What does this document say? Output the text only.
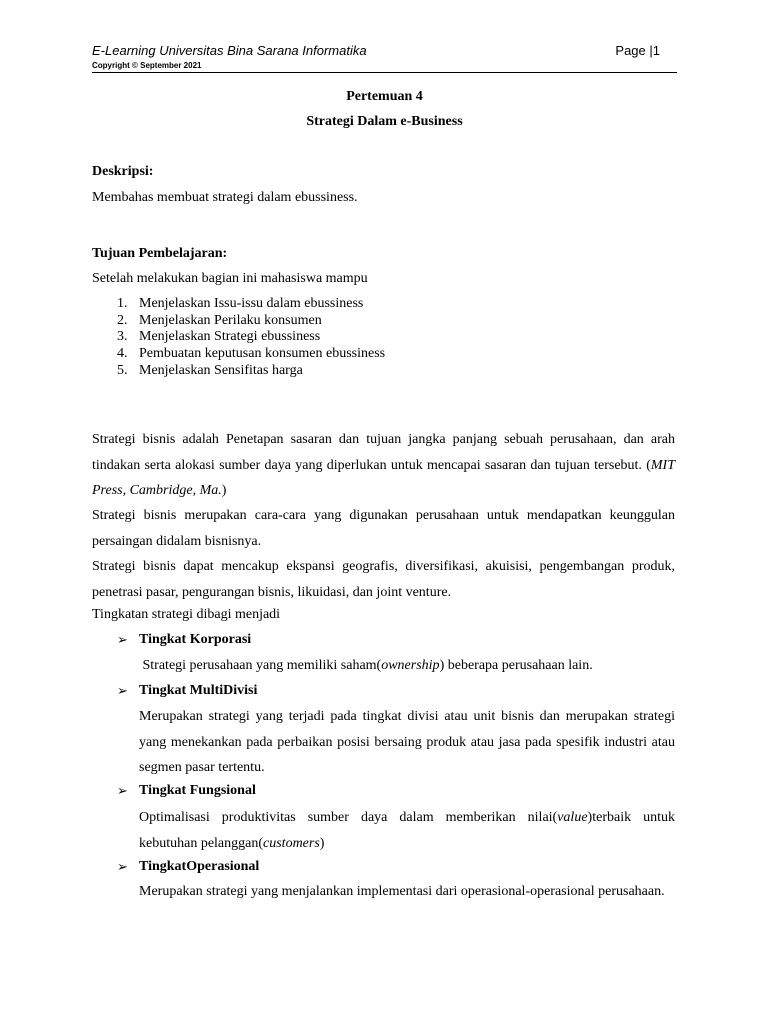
E-Learning Universitas Bina Sarana Informatika	Page |1
Copyright © September 2021
Pertemuan 4
Strategi Dalam e-Business
Deskripsi:
Membahas membuat strategi dalam ebussiness.
Tujuan Pembelajaran:
Setelah melakukan bagian ini mahasiswa mampu
1. Menjelaskan Issu-issu dalam ebussiness
2. Menjelaskan Perilaku konsumen
3. Menjelaskan Strategi ebussiness
4. Pembuatan keputusan konsumen ebussiness
5. Menjelaskan Sensifitas harga
Strategi bisnis adalah Penetapan sasaran dan tujuan jangka panjang sebuah perusahaan, dan arah tindakan serta alokasi sumber daya yang diperlukan untuk mencapai sasaran dan tujuan tersebut. (MIT Press, Cambridge, Ma.)
Strategi bisnis merupakan cara-cara yang digunakan perusahaan untuk mendapatkan keunggulan persaingan didalam bisnisnya.
Strategi bisnis dapat mencakup ekspansi geografis, diversifikasi, akuisisi, pengembangan produk, penetrasi pasar, pengurangan bisnis, likuidasi, dan joint venture.
Tingkatan strategi dibagi menjadi
➢ Tingkat Korporasi
Strategi perusahaan yang memiliki saham(ownership) beberapa perusahaan lain.
➢ Tingkat MultiDivisi
Merupakan strategi yang terjadi pada tingkat divisi atau unit bisnis dan merupakan strategi yang menekankan pada perbaikan posisi bersaing produk atau jasa pada spesifik industri atau segmen pasar tertentu.
➢ Tingkat Fungsional
Optimalisasi produktivitas sumber daya dalam memberikan nilai(value)terbaik untuk kebutuhan pelanggan(customers)
➢ TingkatOperasional
Merupakan strategi yang menjalankan implementasi dari operasional-operasional perusahaan.
